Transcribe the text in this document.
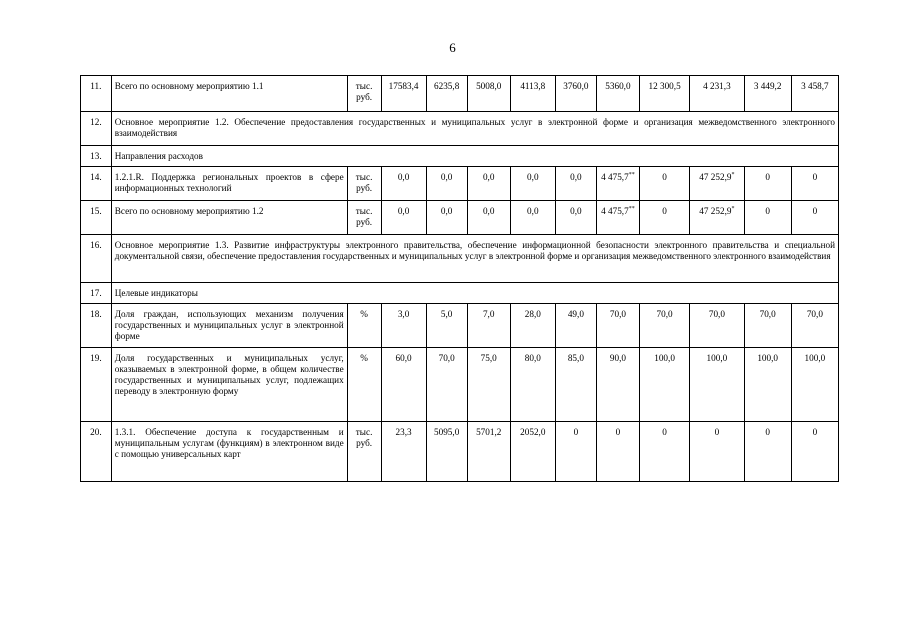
6
11.	Всего по основному мероприятию 1.1	тыс. руб.	17583,4	6235,8	5008,0	4113,8	3760,0	5360,0	12 300,5	4 231,3	3 449,2	3 458,7
12.	Основное мероприятие 1.2. Обеспечение предоставления государственных и муниципальных услуг в электронной форме и организация межведомственного электронного взаимодействия											
13.	Направления расходов											
14.	1.2.1.R. Поддержка региональных проектов в сфере информационных технологий	тыс. руб.	0,0	0,0	0,0	0,0	0,0	4 475,7**	0	47 252,9*	0	0
15.	Всего по основному мероприятию 1.2	тыс. руб.	0,0	0,0	0,0	0,0	0,0	4 475,7**	0	47 252,9*	0	0
16.	Основное мероприятие 1.3. Развитие инфраструктуры электронного правительства, обеспечение информационной безопасности электронного правительства и специальной документальной связи, обеспечение предоставления государственных и муниципальных услуг в электронной форме и организация межведомственного электронного взаимодействия											
17.	Целевые индикаторы											
18.	Доля граждан, использующих механизм получения государственных и муниципальных услуг в электронной форме	%	3,0	5,0	7,0	28,0	49,0	70,0	70,0	70,0	70,0	70,0
19.	Доля государственных и муниципальных услуг, оказываемых в электронной форме, в общем количестве государственных и муниципальных услуг, подлежащих переводу в электронную форму	%	60,0	70,0	75,0	80,0	85,0	90,0	100,0	100,0	100,0	100,0
20.	1.3.1. Обеспечение доступа к государственным и муниципальным услугам (функциям) в электронном виде с помощью универсальных карт	тыс. руб.	23,3	5095,0	5701,2	2052,0	0	0	0	0	0	0
